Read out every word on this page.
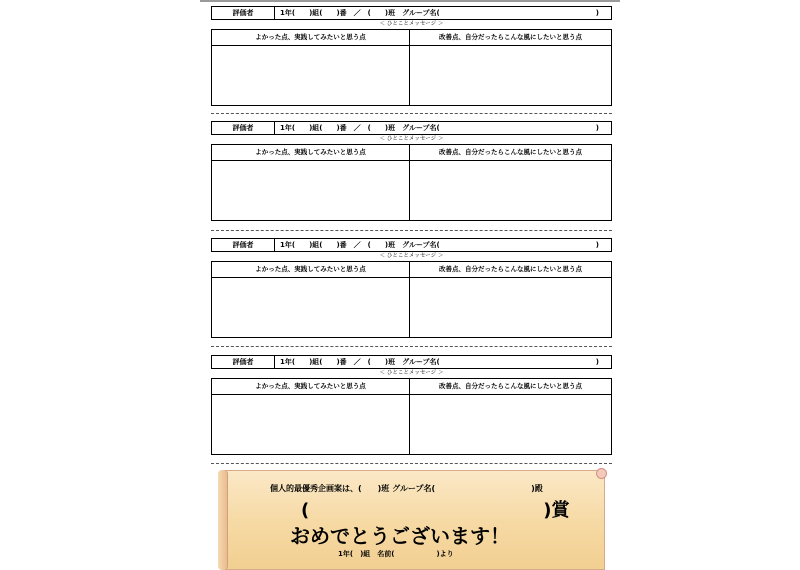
評価者	1年(　　)組(　　)番　／　(　　)班　グループ名(	)
＜ ひとことメッセージ ＞
よかった点、実践してみたいと思う点	改善点、自分だったらこんな風にしたいと思う点
評価者	1年(　　)組(　　)番　／　(　　)班　グループ名(	)
＜ ひとことメッセージ ＞
よかった点、実践してみたいと思う点	改善点、自分だったらこんな風にしたいと思う点
評価者	1年(　　)組(　　)番　／　(　　)班　グループ名(	)
＜ ひとことメッセージ ＞
よかった点、実践してみたいと思う点	改善点、自分だったらこんな風にしたいと思う点
評価者	1年(　　)組(　　)番　／　(　　)班　グループ名(	)
＜ ひとことメッセージ ＞
よかった点、実践してみたいと思う点	改善点、自分だったらこんな風にしたいと思う点
個人的最優秀企画案は、(　　)班 グループ名(　　　　　　　　　　　　)殿
(　　　　　　　　　　　　　)賞
おめでとうございます！
1年(　)組　名前(　　　　　　)より
